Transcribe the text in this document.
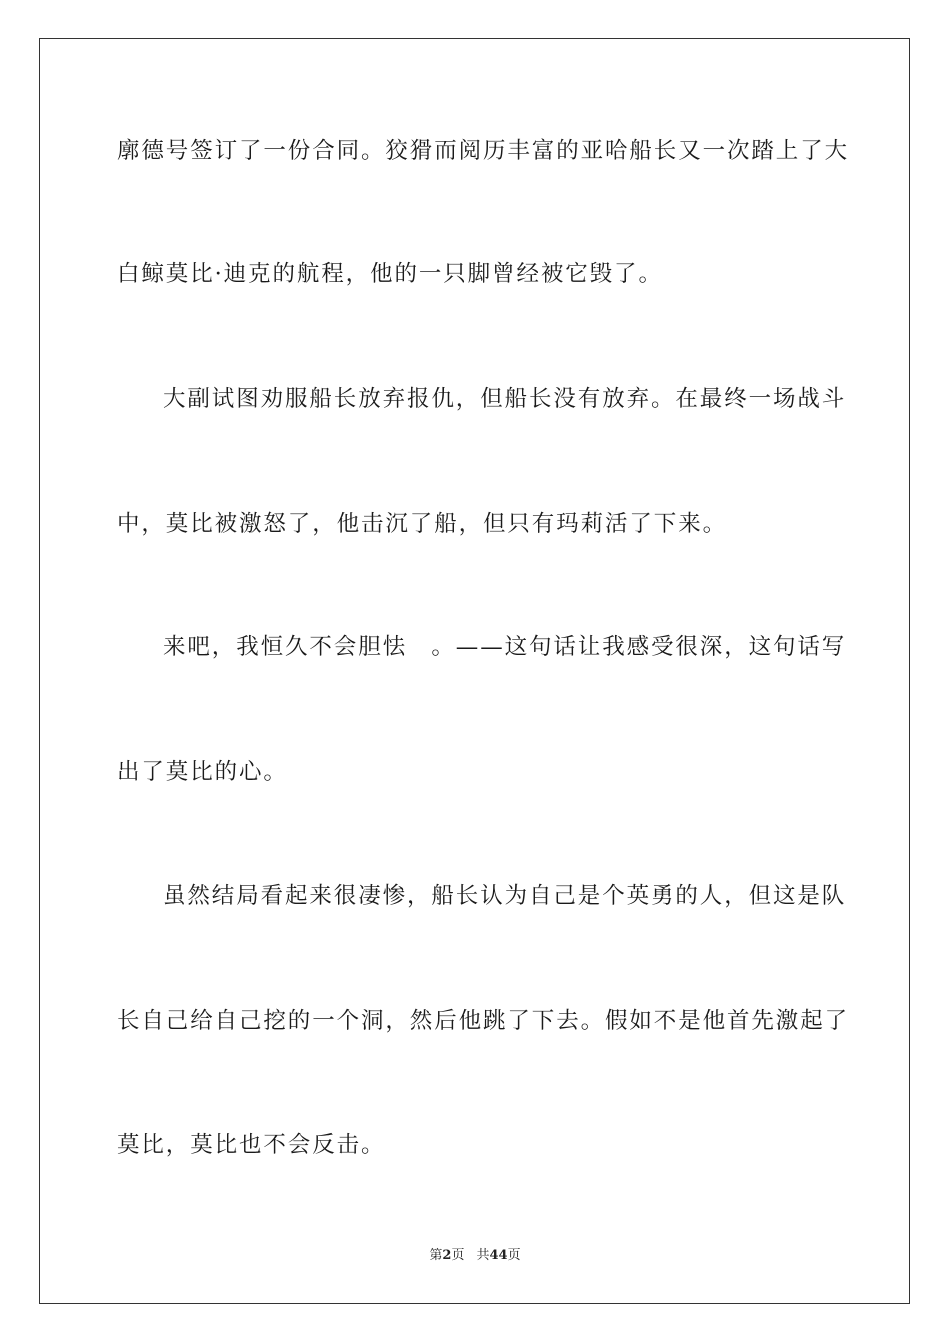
廓德号签订了一份合同。狡猾而阅历丰富的亚哈船长又一次踏上了大
白鲸莫比·迪克的航程，他的一只脚曾经被它毁了。
大副试图劝服船长放弃报仇，但船长没有放弃。在最终一场战斗
中，莫比被激怒了，他击沉了船，但只有玛莉活了下来。
来吧，我恒久不会胆怯　。——这句话让我感受很深，这句话写
出了莫比的心。
虽然结局看起来很凄惨，船长认为自己是个英勇的人，但这是队
长自己给自己挖的一个洞，然后他跳了下去。假如不是他首先激起了
莫比，莫比也不会反击。
第2页 共44页
